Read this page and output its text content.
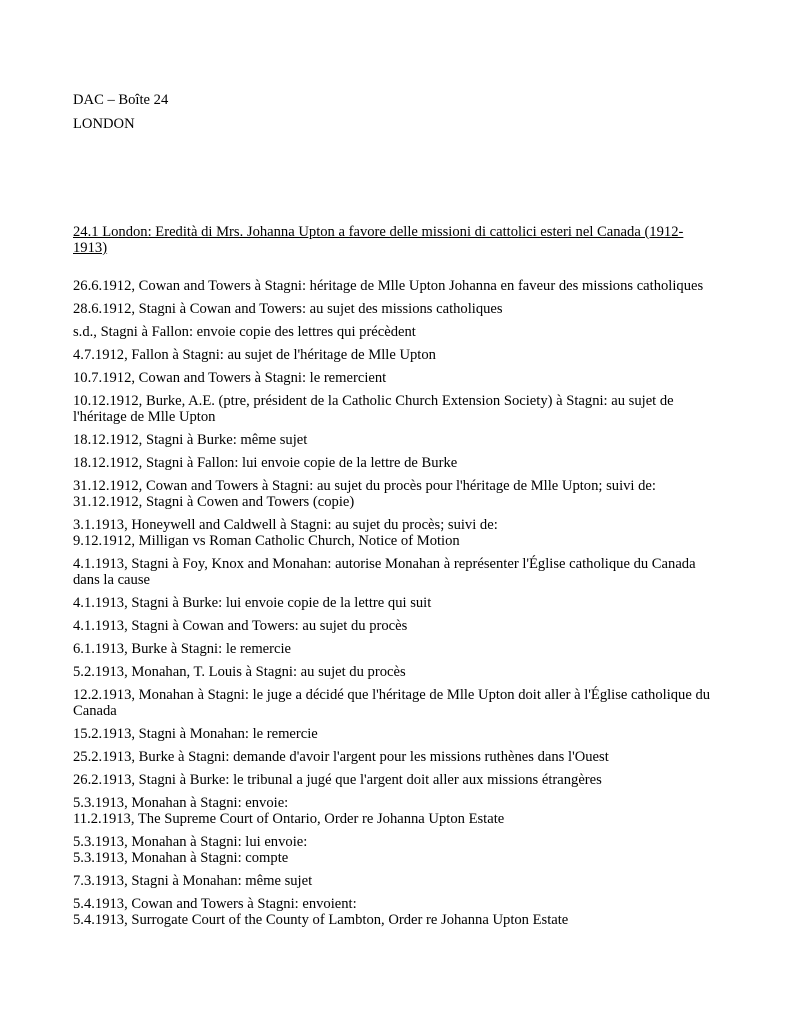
DAC – Boîte 24

LONDON

24.1 London: Eredità di Mrs. Johanna Upton a favore delle missioni di cattolici esteri nel Canada (1912-1913)
26.6.1912, Cowan and Towers à Stagni: héritage de Mlle Upton Johanna en faveur des missions catholiques
28.6.1912, Stagni à Cowan and Towers: au sujet des missions catholiques
s.d., Stagni à Fallon: envoie copie des lettres qui précèdent
4.7.1912, Fallon à Stagni: au sujet de l'héritage de Mlle Upton
10.7.1912, Cowan and Towers à Stagni: le remercient
10.12.1912, Burke, A.E. (ptre, président de la Catholic Church Extension Society) à Stagni: au sujet de l'héritage de Mlle Upton
18.12.1912, Stagni à Burke: même sujet
18.12.1912, Stagni à Fallon: lui envoie copie de la lettre de Burke
31.12.1912, Cowan and Towers à Stagni: au sujet du procès pour l'héritage de Mlle Upton; suivi de:
31.12.1912, Stagni à Cowen and Towers (copie)
3.1.1913, Honeywell and Caldwell à Stagni: au sujet du procès; suivi de:
9.12.1912, Milligan vs Roman Catholic Church, Notice of Motion
4.1.1913, Stagni à Foy, Knox and Monahan: autorise Monahan à représenter l'Église catholique du Canada dans la cause
4.1.1913, Stagni à Burke: lui envoie copie de la lettre qui suit
4.1.1913, Stagni à Cowan and Towers: au sujet du procès
6.1.1913, Burke à Stagni: le remercie
5.2.1913, Monahan, T. Louis à Stagni: au sujet du procès
12.2.1913, Monahan à Stagni: le juge a décidé que l'héritage de Mlle Upton doit aller à l'Église catholique du Canada
15.2.1913, Stagni à Monahan: le remercie
25.2.1913, Burke à Stagni: demande d'avoir l'argent pour les missions ruthènes dans l'Ouest
26.2.1913, Stagni à Burke: le tribunal a jugé que l'argent doit aller aux missions étrangères
5.3.1913, Monahan à Stagni: envoie:
11.2.1913, The Supreme Court of Ontario, Order re Johanna Upton Estate
5.3.1913, Monahan à Stagni: lui envoie:
5.3.1913, Monahan à Stagni: compte
7.3.1913, Stagni à Monahan: même sujet
5.4.1913, Cowan and Towers à Stagni: envoient:
5.4.1913, Surrogate Court of the County of Lambton, Order re Johanna Upton Estate
